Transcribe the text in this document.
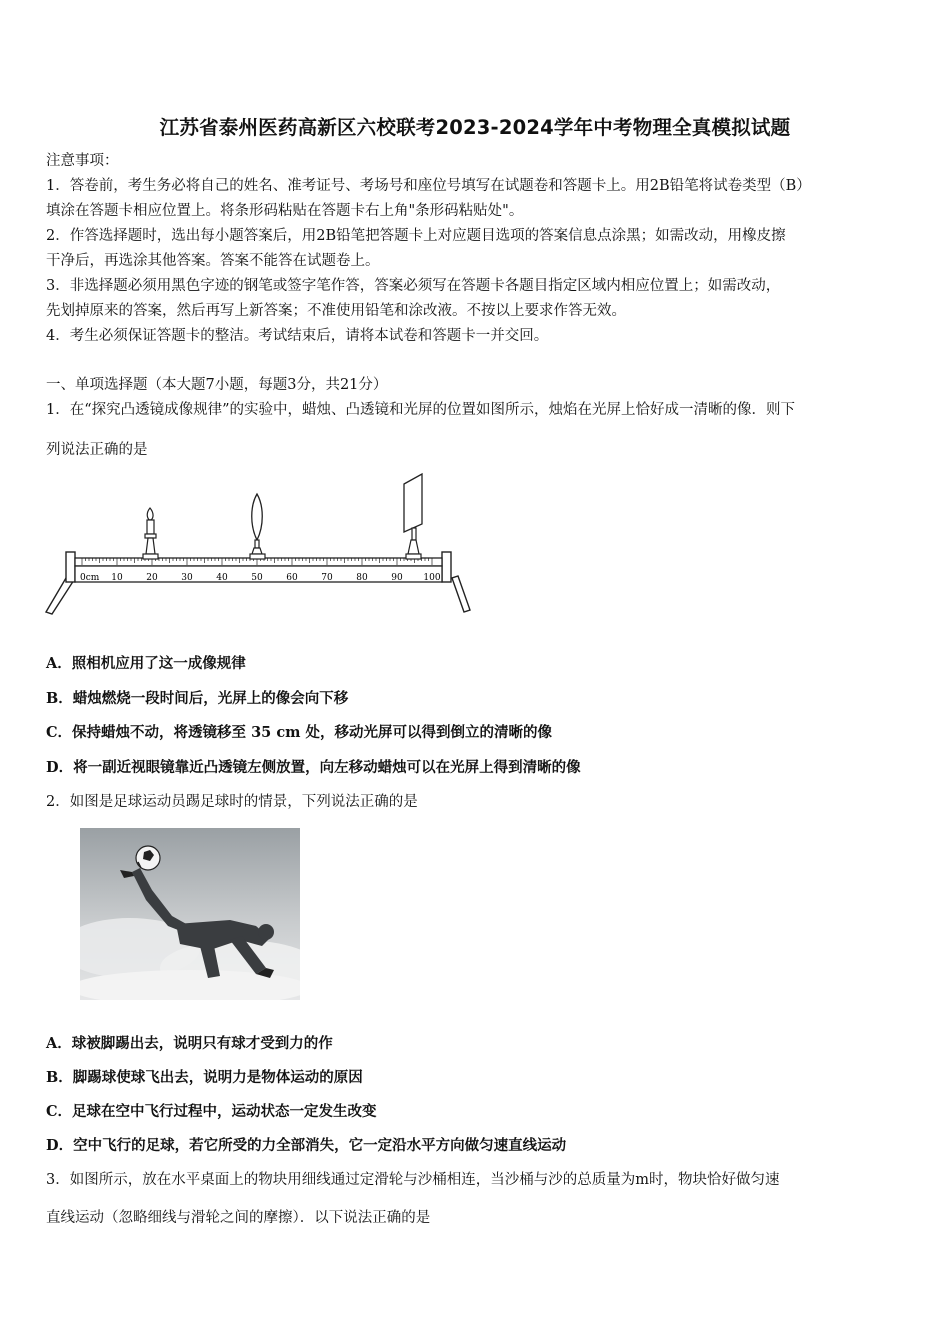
江苏省泰州医药高新区六校联考2023-2024学年中考物理全真模拟试题
注意事项：
1．答卷前，考生务必将自己的姓名、准考证号、考场号和座位号填写在试题卷和答题卡上。用2B铅笔将试卷类型（B）
填涂在答题卡相应位置上。将条形码粘贴在答题卡右上角"条形码粘贴处"。
2．作答选择题时，选出每小题答案后，用2B铅笔把答题卡上对应题目选项的答案信息点涂黑；如需改动，用橡皮擦
干净后，再选涂其他答案。答案不能答在试题卷上。
3．非选择题必须用黑色字迹的钢笔或签字笔作答，答案必须写在答题卡各题目指定区域内相应位置上；如需改动，
先划掉原来的答案，然后再写上新答案；不准使用铅笔和涂改液。不按以上要求作答无效。
4．考生必须保证答题卡的整洁。考试结束后，请将本试卷和答题卡一并交回。
一、单项选择题（本大题7小题，每题3分，共21分）
1．在“探究凸透镜成像规律”的实验中，蜡烛、凸透镜和光屏的位置如图所示，烛焰在光屏上恰好成一清晰的像．则下
列说法正确的是
0cm 10	20	30	40	50	60	70	80	90 100
A．照相机应用了这一成像规律
B．蜡烛燃烧一段时间后，光屏上的像会向下移
C．保持蜡烛不动，将透镜移至 35 cm 处，移动光屏可以得到倒立的清晰的像
D．将一副近视眼镜靠近凸透镜左侧放置，向左移动蜡烛可以在光屏上得到清晰的像
2．如图是足球运动员踢足球时的情景，下列说法正确的是
A．球被脚踢出去，说明只有球才受到力的作
B．脚踢球使球飞出去，说明力是物体运动的原因
C．足球在空中飞行过程中，运动状态一定发生改变
D．空中飞行的足球，若它所受的力全部消失，它一定沿水平方向做匀速直线运动
3．如图所示，放在水平桌面上的物块用细线通过定滑轮与沙桶相连，当沙桶与沙的总质量为m时，物块恰好做匀速
直线运动（忽略细线与滑轮之间的摩擦）．以下说法正确的是
